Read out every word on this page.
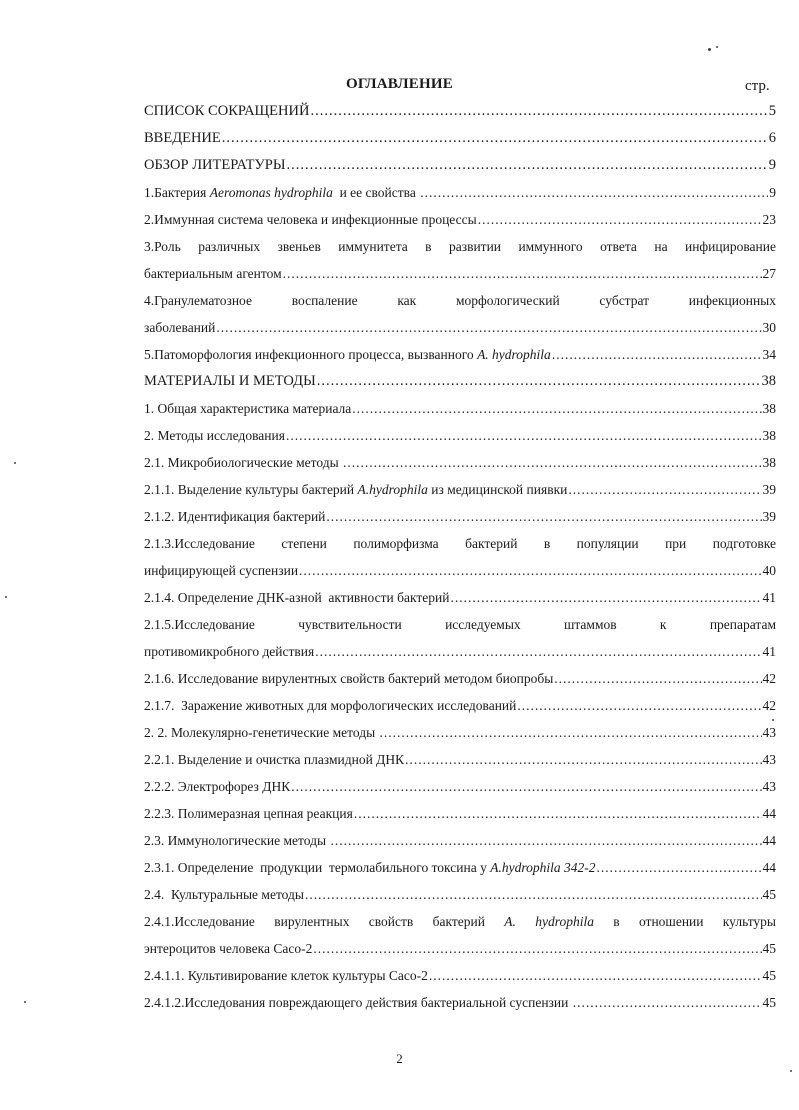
ОГЛАВЛЕНИЕ	стр.
СПИСОК СОКРАЩЕНИЙ .....	5
ВВЕДЕНИЕ .....	6
ОБЗОР ЛИТЕРАТУРЫ .....	9
1.Бактерия Aeromonas hydrophila  и ее свойства .....	9
2.Иммунная система человека и инфекционные процессы .....	23
3.Роль различных звеньев иммунитета в развитии иммунного ответа на инфицирование
бактериальным агентом .....	27
4.Гранулематозное воспаление как морфологический субстрат инфекционных
заболеваний .....	30
5.Патоморфология инфекционного процесса, вызванного A. hydrophila .....	34
МАТЕРИАЛЫ И МЕТОДЫ .....	38
1. Общая характеристика материала .....	38
2. Методы исследования .....	38
2.1. Микробиологические методы .....	38
2.1.1. Выделение культуры бактерий A.hydrophila из медицинской пиявки .....	39
2.1.2. Идентификация бактерий .....	39
2.1.3.Исследование степени полиморфизма бактерий в популяции при подготовке
инфицирующей суспензии .....	40
2.1.4. Определение ДНК-азной  активности бактерий .....	41
2.1.5.Исследование чувствительности исследуемых штаммов к препаратам
противомикробного действия .....	41
2.1.6. Исследование вирулентных свойств бактерий методом биопробы .....	42
2.1.7.  Заражение животных для морфологических исследований .....	42
2. 2. Молекулярно-генетические методы .....	43
2.2.1. Выделение и очистка плазмидной ДНК .....	43
2.2.2. Электрофорез ДНК .....	43
2.2.3. Полимеразная цепная реакция .....	44
2.3. Иммунологические методы .....	44
2.3.1. Определение  продукции  термолабильного токсина у A.hydrophila 342-2 .....	44
2.4.  Культуральные методы .....	45
2.4.1.Исследование вирулентных свойств бактерий A. hydrophila в отношении культуры
энтероцитов человека Caco-2 .....	45
2.4.1.1. Культивирование клеток культуры Caco-2 .....	45
2.4.1.2.Исследования повреждающего действия бактериальной суспензии .....	45
2
